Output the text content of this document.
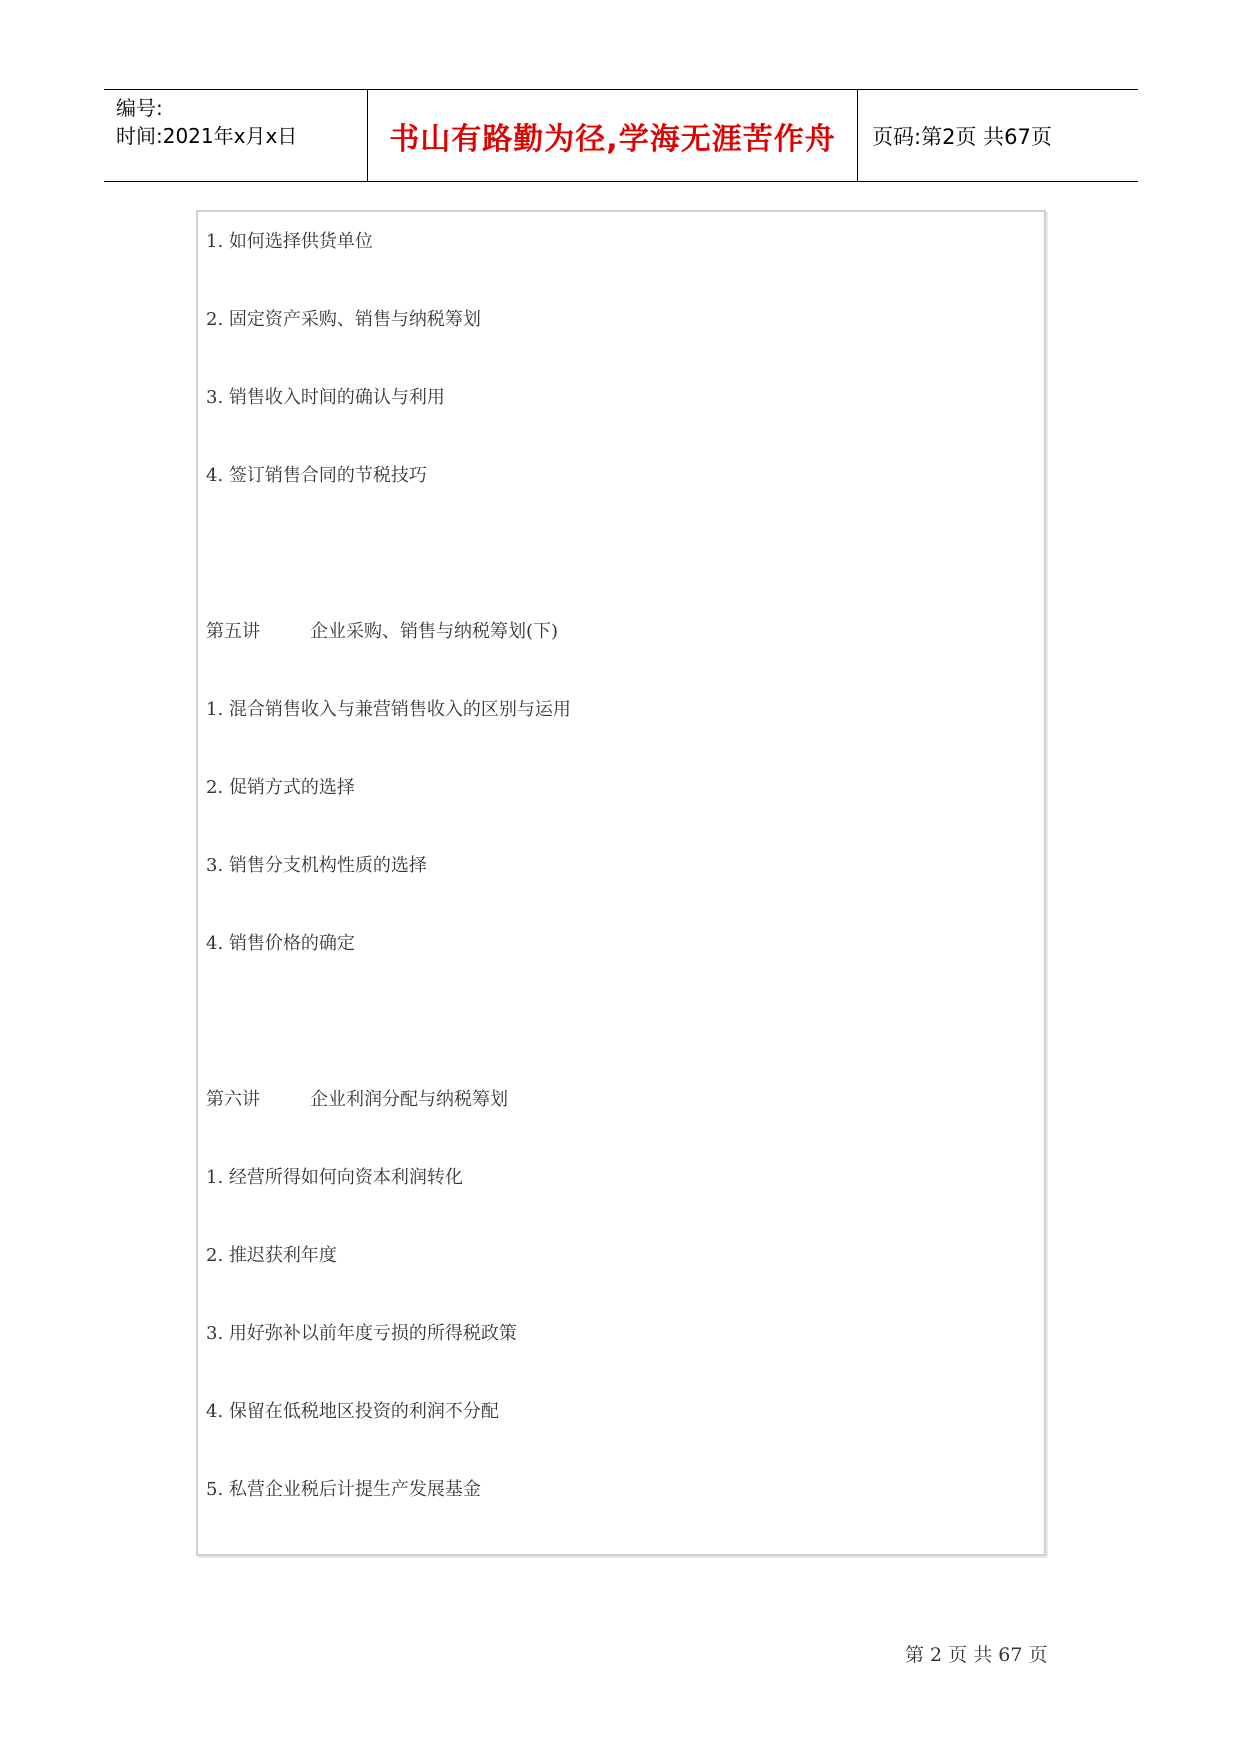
编号:
时间:2021年x月x日	书山有路勤为径,学海无涯苦作舟	页码:第2页 共67页
1. 如何选择供货单位
2. 固定资产采购、销售与纳税筹划
3. 销售收入时间的确认与利用
4. 签订销售合同的节税技巧
第五讲	企业采购、销售与纳税筹划(下)
1. 混合销售收入与兼营销售收入的区别与运用
2. 促销方式的选择
3. 销售分支机构性质的选择
4. 销售价格的确定
第六讲	企业利润分配与纳税筹划
1. 经营所得如何向资本利润转化
2. 推迟获利年度
3. 用好弥补以前年度亏损的所得税政策
4. 保留在低税地区投资的利润不分配
5. 私营企业税后计提生产发展基金
第 2 页 共 67 页
